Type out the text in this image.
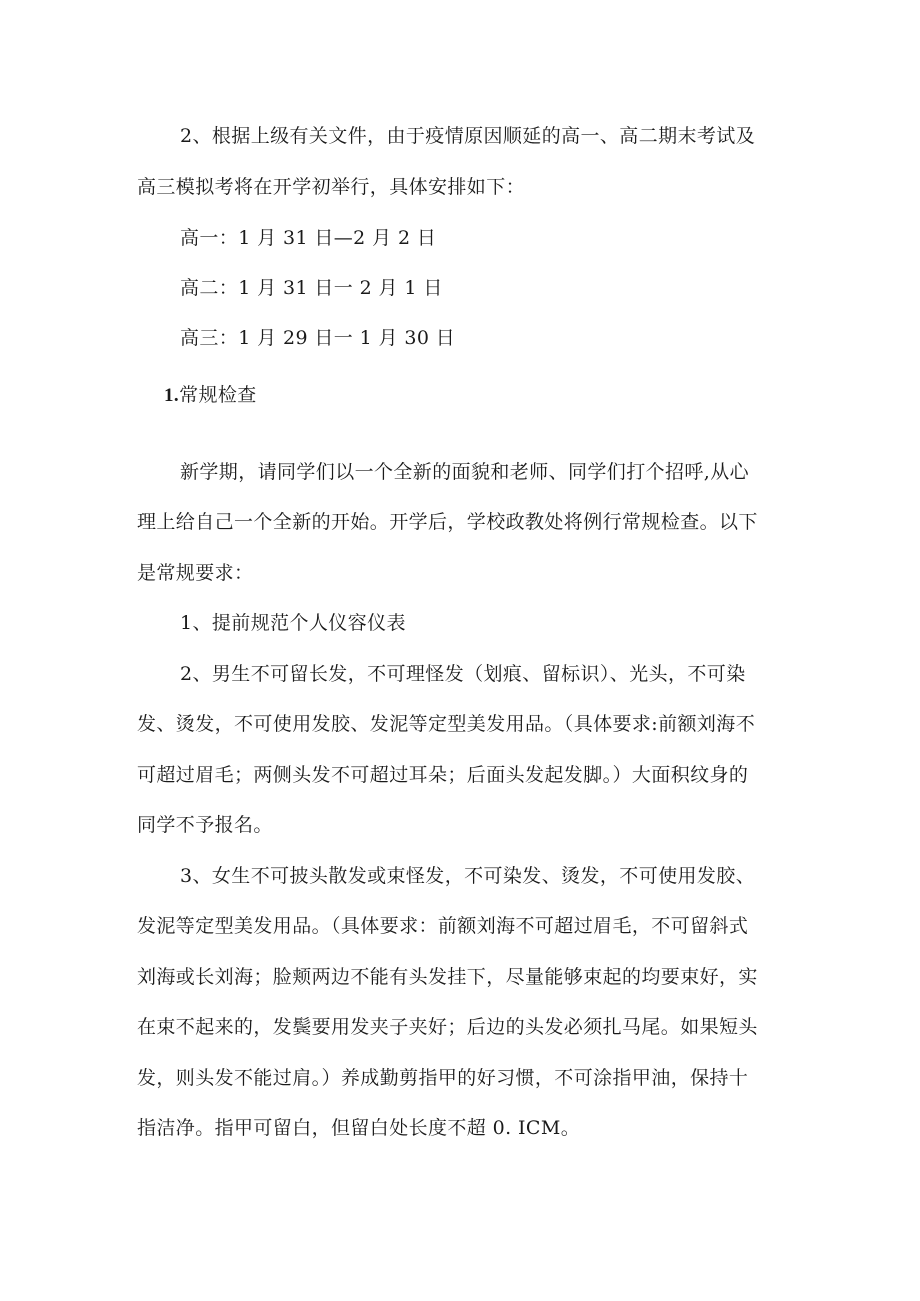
2、根据上级有关文件，由于疫情原因顺延的高一、高二期末考试及
高三模拟考将在开学初举行，具体安排如下：
高一：1 月 31 日—2 月 2 日
高二：1 月 31 日一 2 月 1 日
高三：1 月 29 日一 1 月 30 日
1.常规检查
新学期，请同学们以一个全新的面貌和老师、同学们打个招呼,从心
理上给自己一个全新的开始。开学后，学校政教处将例行常规检查。以下
是常规要求：
1、提前规范个人仪容仪表
2、男生不可留长发，不可理怪发（划痕、留标识）、光头，不可染
发、烫发，不可使用发胶、发泥等定型美发用品。（具体要求:前额刘海不
可超过眉毛；两侧头发不可超过耳朵；后面头发起发脚。）大面积纹身的
同学不予报名。
3、女生不可披头散发或束怪发，不可染发、烫发，不可使用发胶、
发泥等定型美发用品。（具体要求：前额刘海不可超过眉毛，不可留斜式
刘海或长刘海；脸颊两边不能有头发挂下，尽量能够束起的均要束好，实
在束不起来的，发鬓要用发夹子夹好；后边的头发必须扎马尾。如果短头
发，则头发不能过肩。）养成勤剪指甲的好习惯，不可涂指甲油，保持十
指洁净。指甲可留白，但留白处长度不超 0. ICM。
